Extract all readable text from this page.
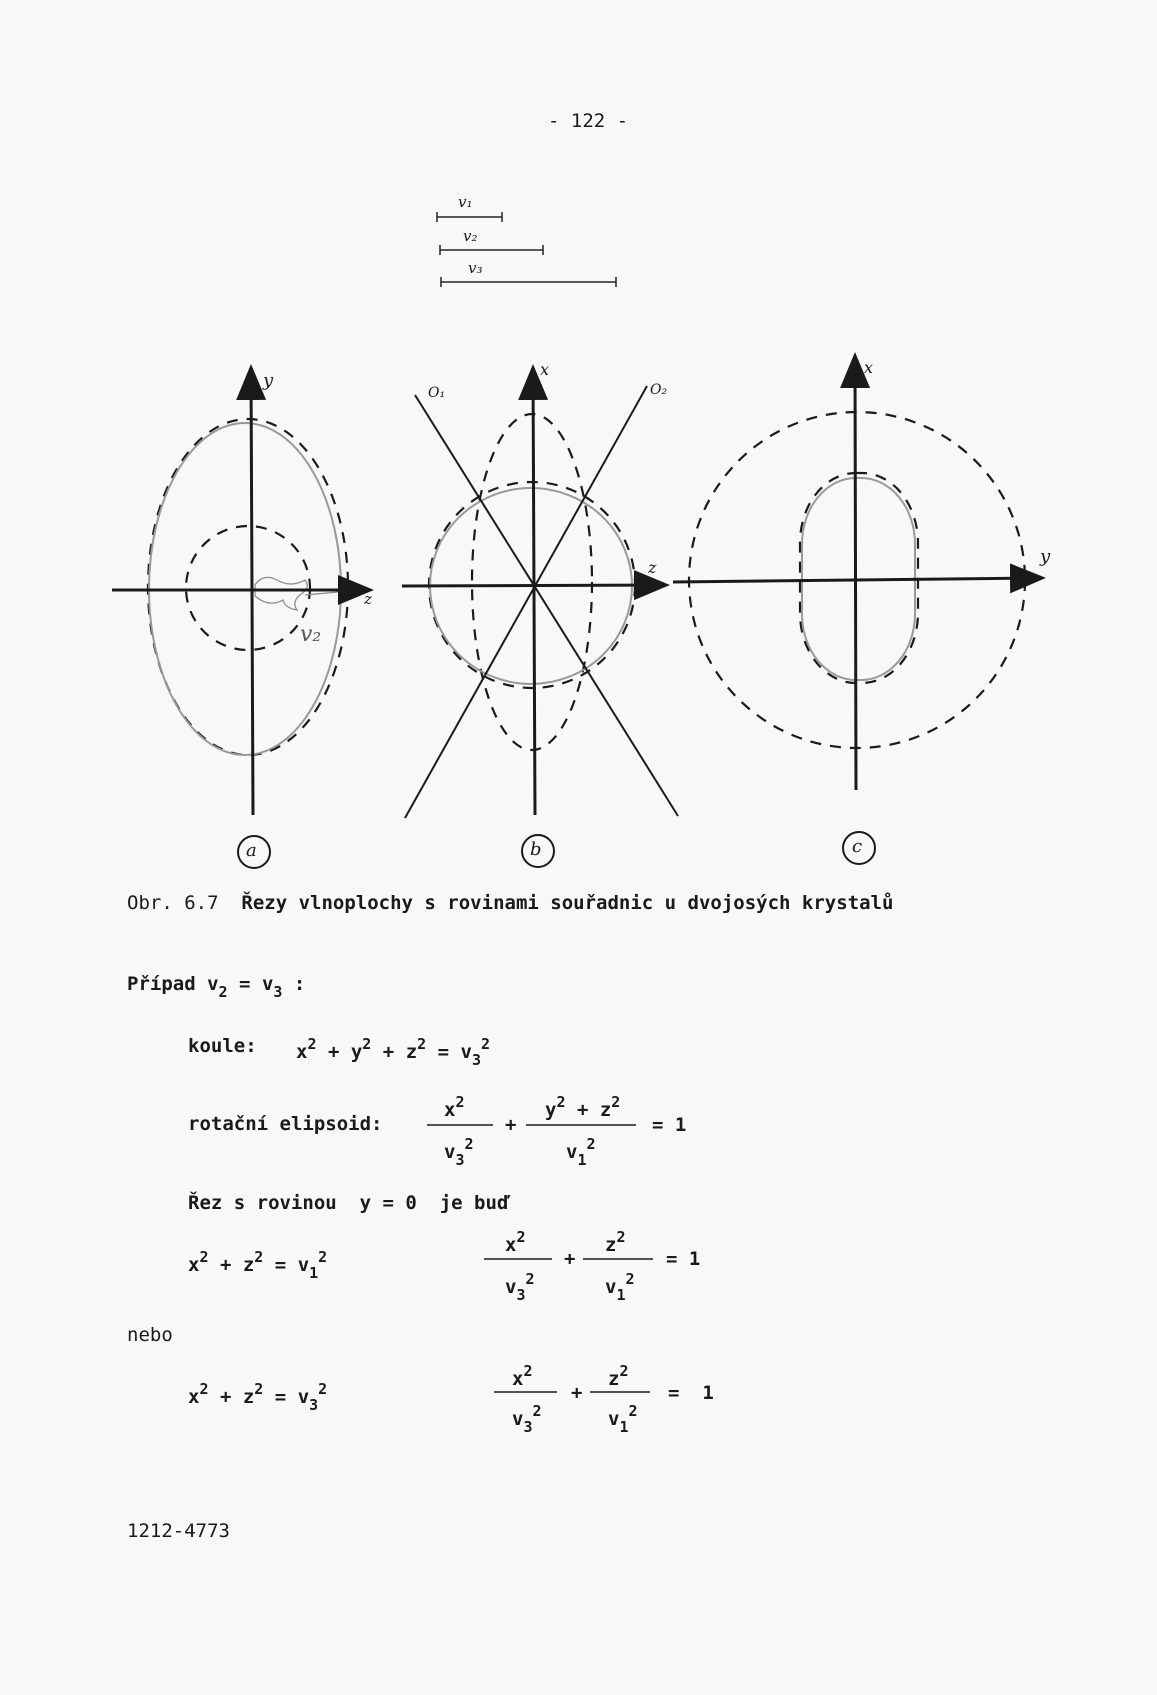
- 122 -
v₁
v₂
v₃
y
z
v₂
a
x
z
O₁	O₂
b
x
y
c
Obr. 6.7 Řezy vlnoplochy s rovinami souřadnic u dvojosých krystalů
Případ $v_2 = v_3$ :
koule: $x^2 + y^2 + z^2 = v_3^2$
rotační elipsoid:
$x^2$
$v_3^2$
+
$y^2 + z^2$
$v_1^2$
= 1
Řez s rovinou y = 0 je buď
$x^2 + z^2 = v_1^2$
$x^2$
$v_3^2$
+
$z^2$
$v_1^2$
= 1
nebo
$x^2 + z^2 = v_3^2$	$x^2$
$v_3^2$
+
$z^2$
$v_1^2$
= 1
1212-4773
